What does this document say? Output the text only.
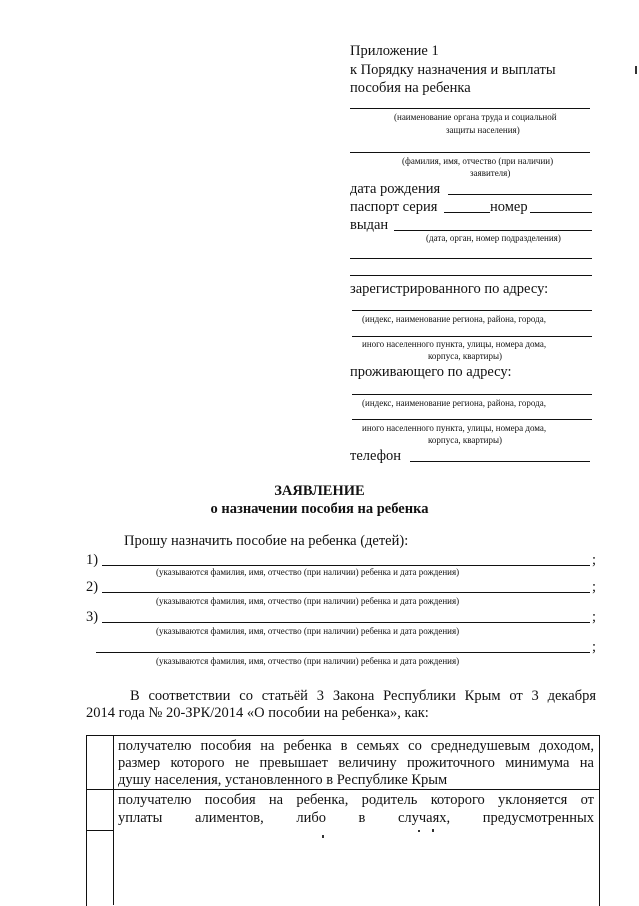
Приложение 1
к Порядку назначения и выплаты
пособия на ребенка
(наименование органа труда и социальной
защиты населения)
(фамилия, имя, отчество (при наличии)
заявителя)
дата рождения
паспорт серия	номер
выдан
(дата, орган, номер подразделения)
зарегистрированного по адресу:
(индекс, наименование региона, района, города,
иного населенного пункта, улицы, номера дома,
корпуса, квартиры)
проживающего по адресу:
(индекс, наименование региона, района, города,
иного населенного пункта, улицы, номера дома,
корпуса, квартиры)
телефон
ЗАЯВЛЕНИЕ
о назначении пособия на ребенка
Прошу назначить пособие на ребенка (детей):
1)	;
(указываются фамилия, имя, отчество (при наличии) ребенка и дата рождения)
2)	;
(указываются фамилия, имя, отчество (при наличии) ребенка и дата рождения)
3)	;
(указываются фамилия, имя, отчество (при наличии) ребенка и дата рождения)
;
(указываются фамилия, имя, отчество (при наличии) ребенка и дата рождения)
В соответствии со статьёй 3 Закона Республики Крым от 3 декабря
2014 года № 20-ЗРК/2014 «О пособии на ребенка», как:
получателю пособия на ребенка в семьях со среднедушевым доходом,
размер которого не превышает величину прожиточного минимума на
душу населения, установленного в Республике Крым
получателю пособия на ребенка, родитель которого уклоняется от
уплаты алиментов, либо в случаях, предусмотренных
